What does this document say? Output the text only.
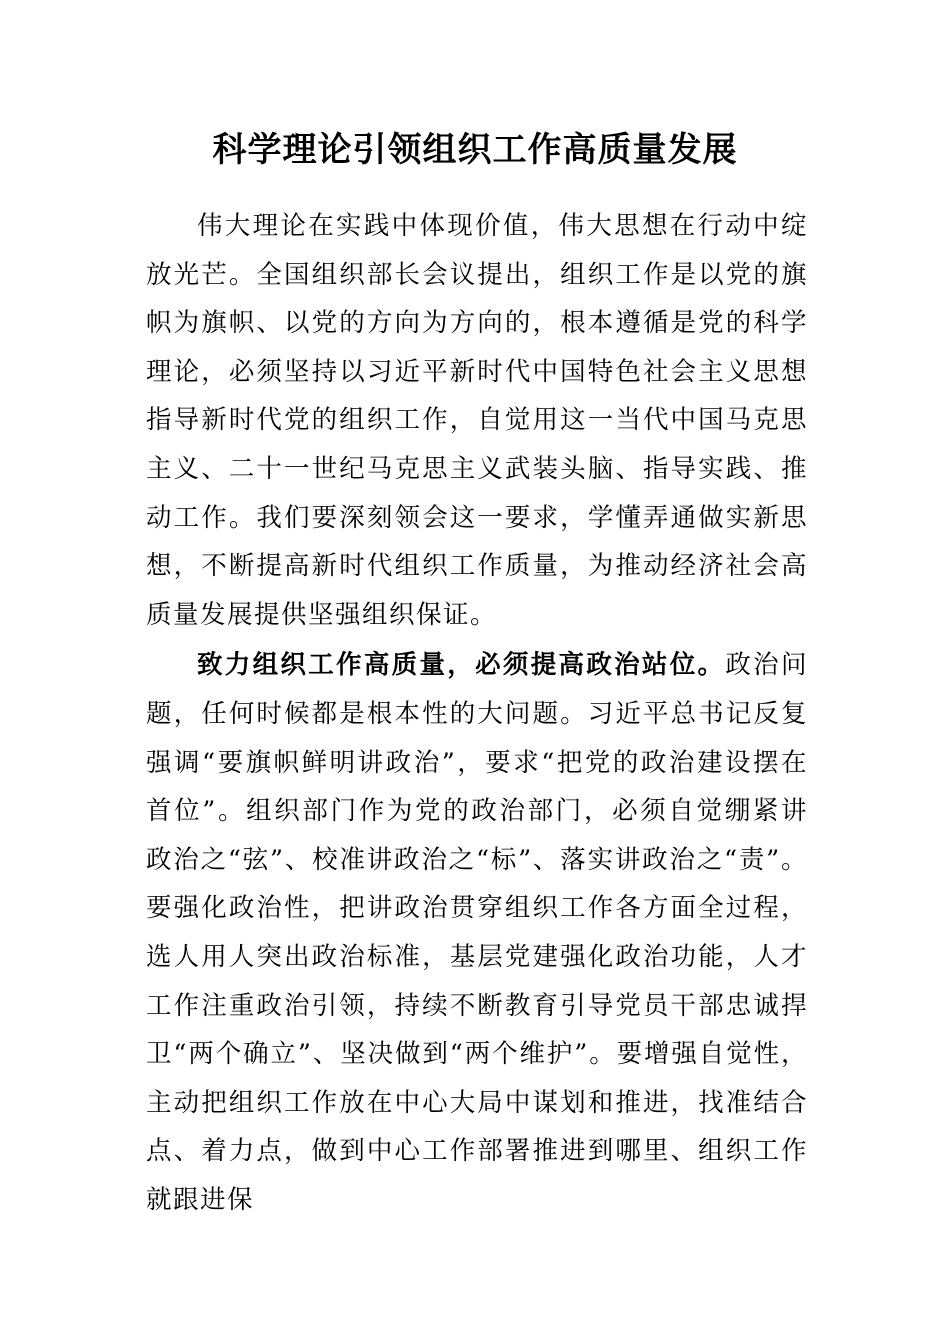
科学理论引领组织工作高质量发展

伟大理论在实践中体现价值，伟大思想在行动中绽放光芒。全国组织部长会议提出，组织工作是以党的旗帜为旗帜、以党的方向为方向的，根本遵循是党的科学理论，必须坚持以习近平新时代中国特色社会主义思想指导新时代党的组织工作，自觉用这一当代中国马克思主义、二十一世纪马克思主义武装头脑、指导实践、推动工作。我们要深刻领会这一要求，学懂弄通做实新思想，不断提高新时代组织工作质量，为推动经济社会高质量发展提供坚强组织保证。

致力组织工作高质量，必须提高政治站位。政治问题，任何时候都是根本性的大问题。习近平总书记反复强调“要旗帜鲜明讲政治”，要求“把党的政治建设摆在首位”。组织部门作为党的政治部门，必须自觉绷紧讲政治之“弦”、校准讲政治之“标”、落实讲政治之“责”。要强化政治性，把讲政治贯穿组织工作各方面全过程，选人用人突出政治标准，基层党建强化政治功能，人才工作注重政治引领，持续不断教育引导党员干部忠诚捍卫“两个确立”、坚决做到“两个维护”。要增强自觉性，主动把组织工作放在中心大局中谋划和推进，找准结合点、着力点，做到中心工作部署推进到哪里、组织工作就跟进保
